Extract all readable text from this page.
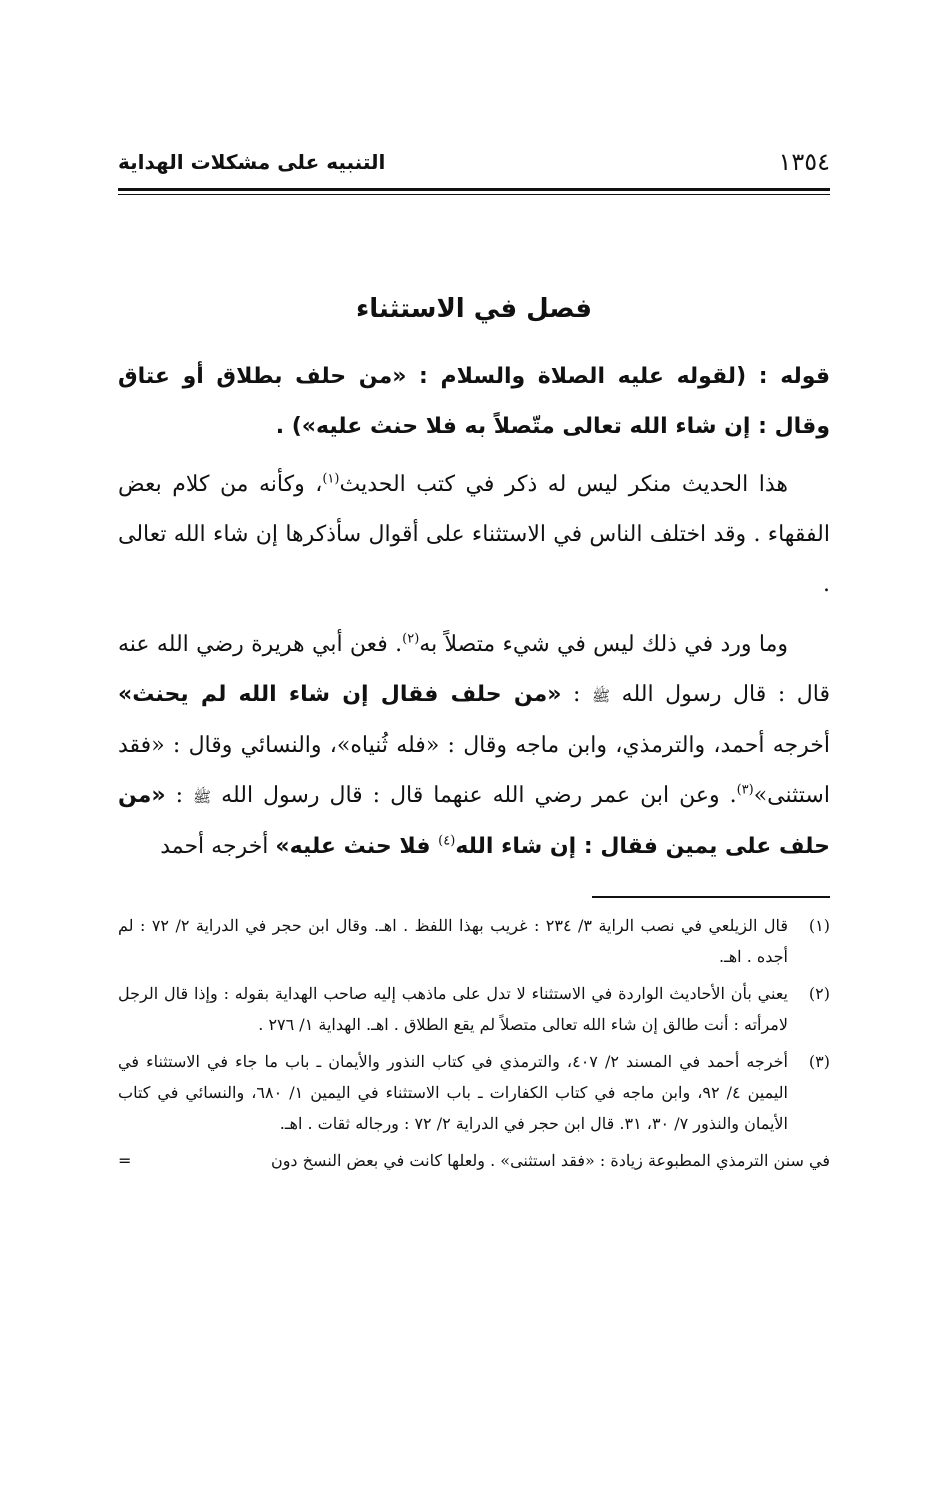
١٣٥٤
التنبيه على مشكلات الهداية
فصل في الاستثناء
قوله : (لقوله عليه الصلاة والسلام : «من حلف بطلاق أو عتاق وقال : إن شاء الله تعالى متّصلاً به فلا حنث عليه») .
هذا الحديث منكر ليس له ذكر في كتب الحديث$^{(١)}$، وكأنه من كلام بعض الفقهاء . وقد اختلف الناس في الاستثناء على أقوال سأذكرها إن شاء الله تعالى .
وما ورد في ذلك ليس في شيء متصلاً به$^{(٢)}$. فعن أبي هريرة رضي الله عنه قال : قال رسول الله ﷺ : «من حلف فقال إن شاء الله لم يحنث» أخرجه أحمد، والترمذي، وابن ماجه وقال : «فله ثُنياه»، والنسائي وقال : «فقد استثنى»$^{(٣)}$. وعن ابن عمر رضي الله عنهما قال : قال رسول الله ﷺ : «من حلف على يمين فقال : إن شاء الله$^{(٤)}$ فلا حنث عليه» أخرجه أحمد
(١)
قال الزيلعي في نصب الراية ٣/ ٢٣٤ : غريب بهذا اللفظ . اهـ. وقال ابن حجر في الدراية ٢/ ٧٢ : لم أجده . اهـ.
(٢)
يعني بأن الأحاديث الواردة في الاستثناء لا تدل على ماذهب إليه صاحب الهداية بقوله : وإذا قال الرجل لامرأته : أنت طالق إن شاء الله تعالى متصلاً لم يقع الطلاق . اهـ. الهداية ١/ ٢٧٦ .
(٣)
أخرجه أحمد في المسند ٢/ ٤٠٧، والترمذي في كتاب النذور والأيمان ـ باب ما جاء في الاستثناء في اليمين ٤/ ٩٢، وابن ماجه في كتاب الكفارات ـ باب الاستثناء في اليمين ١/ ٦٨٠، والنسائي في كتاب الأيمان والنذور ٧/ ٣٠، ٣١. قال ابن حجر في الدراية ٢/ ٧٢ : ورجاله ثقات . اهـ.
في سنن الترمذي المطبوعة زيادة : «فقد استثنى» . ولعلها كانت في بعض النسخ دون
=
